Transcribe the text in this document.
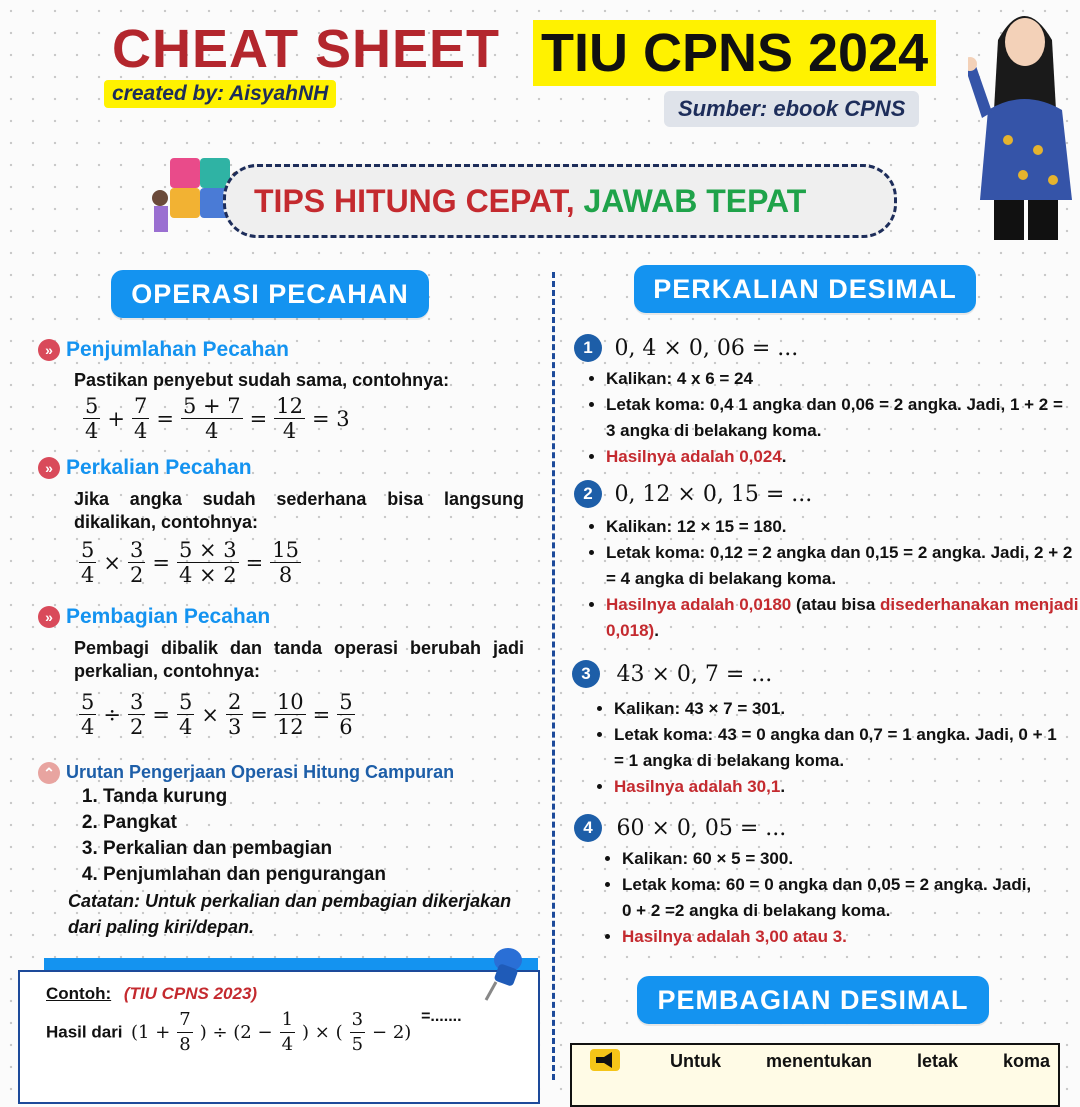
CHEAT SHEET TIU CPNS 2024
created by: AisyahNH
Sumber: ebook CPNS
TIPS HITUNG CEPAT, JAWAB TEPAT
OPERASI PECAHAN
» Penjumlahan Pecahan
Pastikan penyebut sudah sama, contohnya:
$\frac{5}{4} + \frac{7}{4} = \frac{5 + 7}{4} = \frac{12}{4} = 3$
» Perkalian Pecahan
Jika angka sudah sederhana bisa langsung dikalikan, contohnya:
$\frac{5}{4} \times \frac{3}{2} = \frac{5 \times 3}{4 \times 2} = \frac{15}{8}$
» Pembagian Pecahan
Pembagi dibalik dan tanda operasi berubah jadi perkalian, contohnya:
$\frac{5}{4} \div \frac{3}{2} = \frac{5}{4} \times \frac{2}{3} = \frac{10}{12} = \frac{5}{6}$
⌃ Urutan Pengerjaan Operasi Hitung Campuran
1. Tanda kurung
2. Pangkat
3. Perkalian dan pembagian
4. Penjumlahan dan pengurangan
Catatan: Untuk perkalian dan pembagian dikerjakan dari paling kiri/depan.
Contoh: (TIU CPNS 2023)
Hasil dari ($1 + \frac{7}{8}$ ) ÷ ($2 - \frac{1}{4}$ ) × ( $\frac{3}{5} - 2$) =.......
PERKALIAN DESIMAL
1 0, 4 × 0, 06 = ...
• Kalikan: 4 x 6 = 24
• Letak koma: 0,4 1 angka dan 0,06 = 2 angka. Jadi, 1 + 2 = 3 angka di belakang koma.
• Hasilnya adalah 0,024.
2 0, 12 × 0, 15 = ...
• Kalikan: 12 × 15 = 180.
• Letak koma: 0,12 = 2 angka dan 0,15 = 2 angka. Jadi, 2 + 2 = 4 angka di belakang koma.
• Hasilnya adalah 0,0180 (atau bisa disederhanakan menjadi 0,018).
3 43 × 0, 7 = ...
• Kalikan: 43 × 7 = 301.
• Letak koma: 43 = 0 angka dan 0,7 = 1 angka. Jadi, 0 + 1 = 1 angka di belakang koma.
• Hasilnya adalah 30,1.
4 60 × 0, 05 = ...
• Kalikan: 60 × 5 = 300.
• Letak koma: 60 = 0 angka dan 0,05 = 2 angka. Jadi, 0 + 2 =2 angka di belakang koma.
• Hasilnya adalah 3,00 atau 3.
PEMBAGIAN DESIMAL
Untuk menentukan letak koma
